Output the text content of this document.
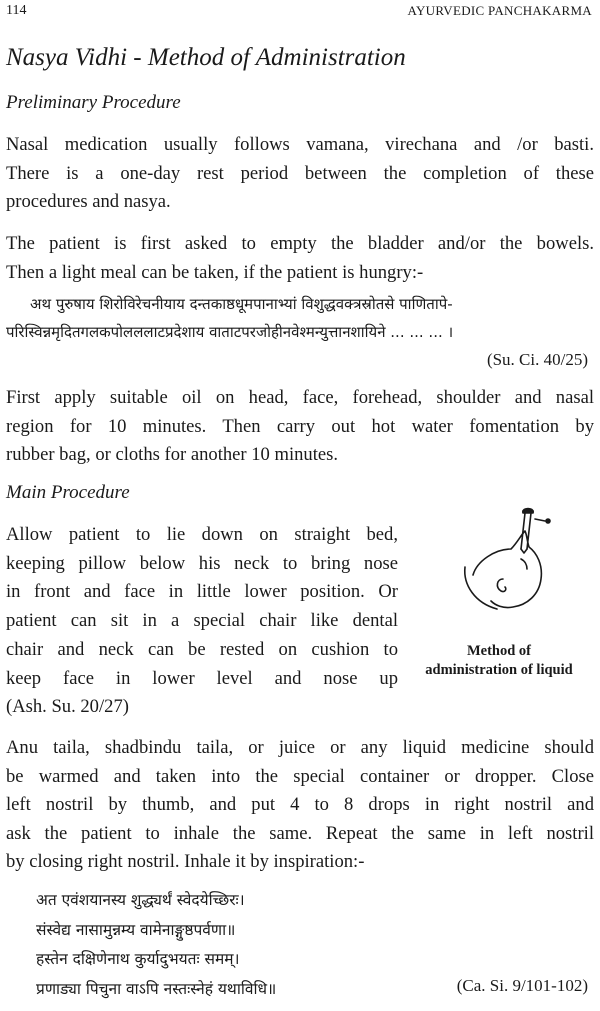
114	AYURVEDIC PANCHAKARMA
Nasya Vidhi - Method of Administration
Preliminary Procedure
Nasal medication usually follows vamana, virechana and /or basti.
There is a one-day rest period between the completion of these
procedures and nasya.
The patient is first asked to empty the bladder and/or the bowels.
Then a light meal can be taken, if the patient is hungry:-
अथ पुरुषाय शिरोविरेचनीयाय दन्तकाष्ठधूमपानाभ्यां विशुद्धवक्त्रस्रोतसे पाणितापे-
परिस्विन्नमृदितगलकपोलललाटप्रदेशाय वाताटपरजोहीनवेश्मन्युत्तानशायिने ... ... ... ।
(Su. Ci. 40/25)
First apply suitable oil on head, face, forehead, shoulder and nasal
region for 10 minutes. Then carry out hot water fomentation by
rubber bag, or cloths for another 10 minutes.
Main Procedure
Allow patient to lie down on straight bed,
keeping pillow below his neck to bring nose
in front and face in little lower position. Or
patient can sit in a special chair like dental
chair and neck can be rested on cushion to
keep face in lower level and nose up
(Ash. Su. 20/27)
Method of
administration of liquid
Anu taila, shadbindu taila, or juice or any liquid medicine should
be warmed and taken into the special container or dropper. Close
left nostril by thumb, and put 4 to 8 drops in right nostril and
ask the patient to inhale the same. Repeat the same in left nostril
by closing right nostril. Inhale it by inspiration:-
अत एवंशयानस्य शुद्ध्यर्थं स्वेदयेच्छिरः।
संस्वेद्य नासामुन्नम्य वामेनाङ्गुष्ठपर्वणा॥
हस्तेन दक्षिणेनाथ कुर्यादुभयतः समम्।
प्रणाड्या पिचुना वाऽपि नस्तःस्नेहं यथाविधि॥	(Ca. Si. 9/101-102)
